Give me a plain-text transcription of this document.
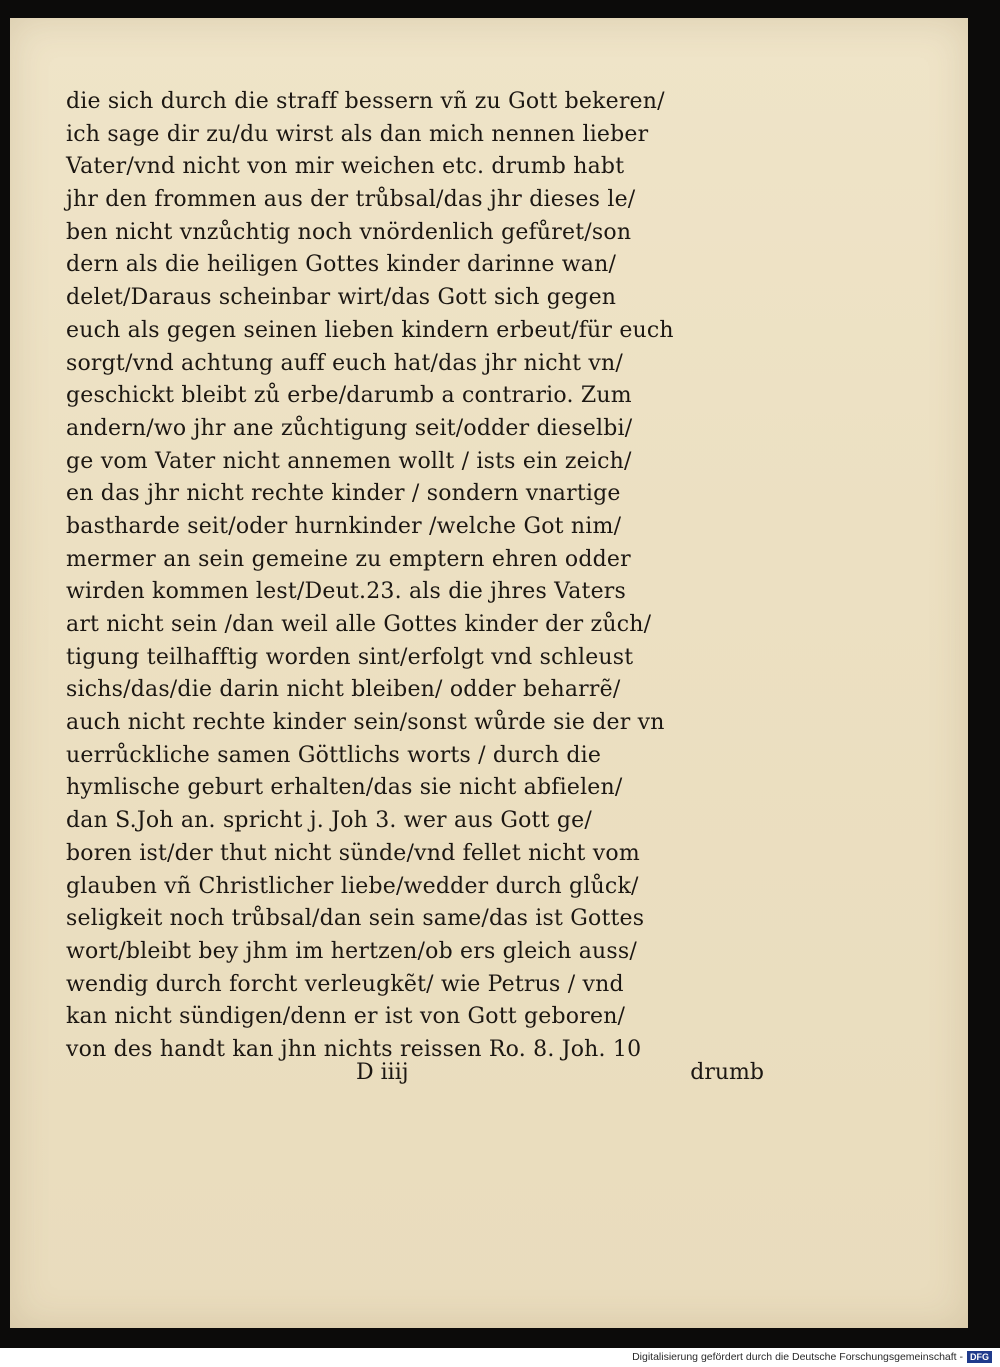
die sich durch die straff bessern vñ zu Gott bekeren/
ich sage dir zu/du wirst als dan mich nennen lieber
Vater/vnd nicht von mir weichen etc. drumb habt
jhr den frommen aus der trůbsal/das jhr dieses le/
ben nicht vnzůchtig noch vnördenlich gefůret/son
dern als die heiligen Gottes kinder darinne wan/
delet/Daraus scheinbar wirt/das Gott sich gegen
euch als gegen seinen lieben kindern erbeut/für euch
sorgt/vnd achtung auff euch hat/das jhr nicht vn/
geschickt bleibt zů erbe/darumb a contrario. Zum
andern/wo jhr ane zůchtigung seit/odder dieselbi/
ge vom Vater nicht annemen wollt / ists ein zeich/
en das jhr nicht rechte kinder / sondern vnartige
basthardе seit/oder hurnkinder /welche Got nim/
mermer an sein gemeine zu emptern ehren odder
wirden kommen lest/Deut.23. als die jhres Vaters
art nicht sein /dan weil alle Gottes kinder der zůch/
tigung teilhafftig worden sint/erfolgt vnd schleust
sichs/das/die darin nicht bleiben/ odder beharrẽ/
auch nicht rechte kinder sein/sonst wůrde sie der vn
uerrůckliche samen Göttlichs worts / durch die
hymlische geburt erhalten/das sie nicht abfielen/
dan S.Joh an. spricht j. Joh 3. wer aus Gott ge/
boren ist/der thut nicht sünde/vnd fellet nicht vom
glauben vñ Christlicher liebe/wedder durch glůck/
seligkeit noch trůbsal/dan sein same/das ist Gottes
wort/bleibt bey jhm im hertzen/ob ers gleich auss/
wendig durch forcht verleugkẽt/ wie Petrus / vnd
kan nicht sündigen/denn er ist von Gott geboren/
von des handt kan jhn nichts reissen Ro. 8. Joh. 10
D iiij	drumb
Digitalisierung gefördert durch die Deutsche Forschungsgemeinschaft - DFG
